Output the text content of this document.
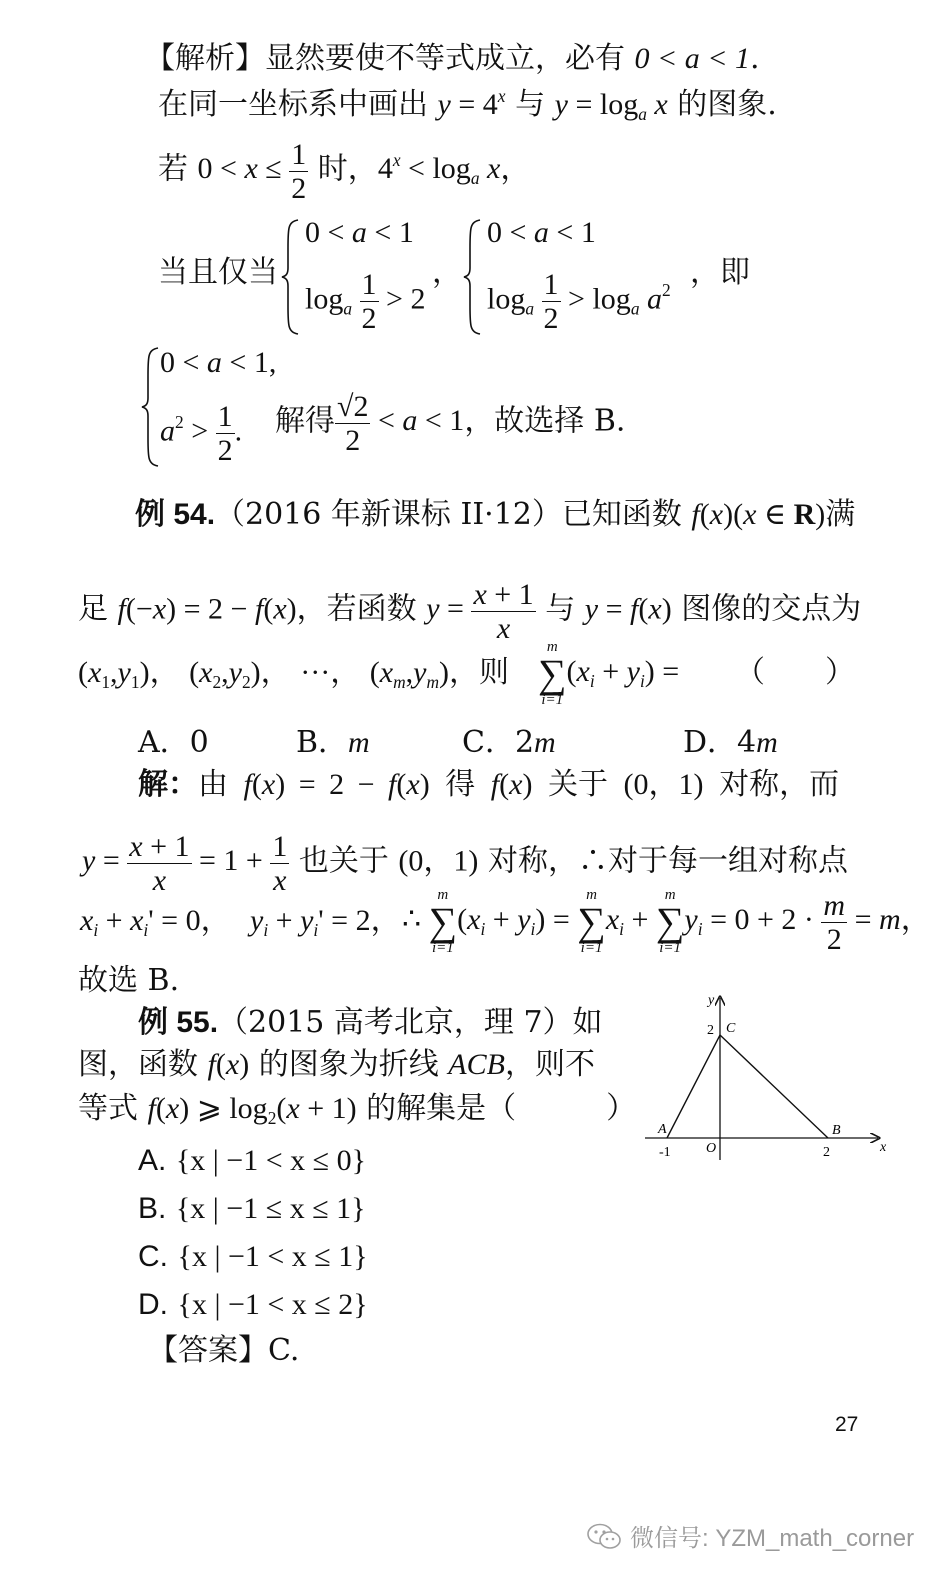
【解析】显然要使不等式成立，必有 0 < a < 1.
在同一坐标系中画出 $y = 4^x$ 与 $y = \log_a x$ 的图象.
若 $0 < x \le \frac{1}{2}$ 时，$4^x < \log_a x$，
当且仅当
0 < a < 1
$\log_a \frac{1}{2} > 2$
，
0 < a < 1
$\log_a \frac{1}{2} > \log_a a^2$
，即
0 < a < 1,
$a^2 > \frac{1}{2}$ . 解得 $\frac{√2}{2} < a < 1$，故选择 B.
例 54.（2016 年新课标 II·12）已知函数 f(x)(x ∈ R)满
足 f(−x) = 2 − f(x)，若函数 $y = \frac{x + 1}{x}$ 与 y = f(x) 图像的交点为
$(x_1,y_1)$， $(x_2,y_2)$， ···， $(x_m,y_m)$，则
m
∑
i=1
$(x_i + y_i)$ = （　　）
A．0	B．m	C．2m	D．4m
解：由 f(x) = 2 − f(x) 得 f(x) 关于 (0，1) 对称，而
$y = \frac{x + 1}{x} = 1 + \frac{1}{x}$ 也关于 (0，1) 对称，∴对于每一组对称点
$x_i + x_i' = 0$， $y_i + y_i' = 2$， ∴
m
∑
i=1
$(x_i + y_i)$ =
m
∑
i=1
$x_i$ +
m
∑
i=1
$y_i = 0 + 2 \cdot \frac{m}{2} = m$，
故选 B.
例 55.（2015 高考北京，理 7）如
图，函数 f(x) 的图象为折线 ACB，则不
等式 f(x) ⩾ $\log_2(x + 1)$ 的解集是（　　　）
A. {x | −1 < x ≤ 0}
B. {x | −1 ≤ x ≤ 1}
C. {x | −1 < x ≤ 1}
D. {x | −1 < x ≤ 2}
【答案】C.
x
y
A	B
C
O
-1	2
2
27
微信号: YZM_math_corner
